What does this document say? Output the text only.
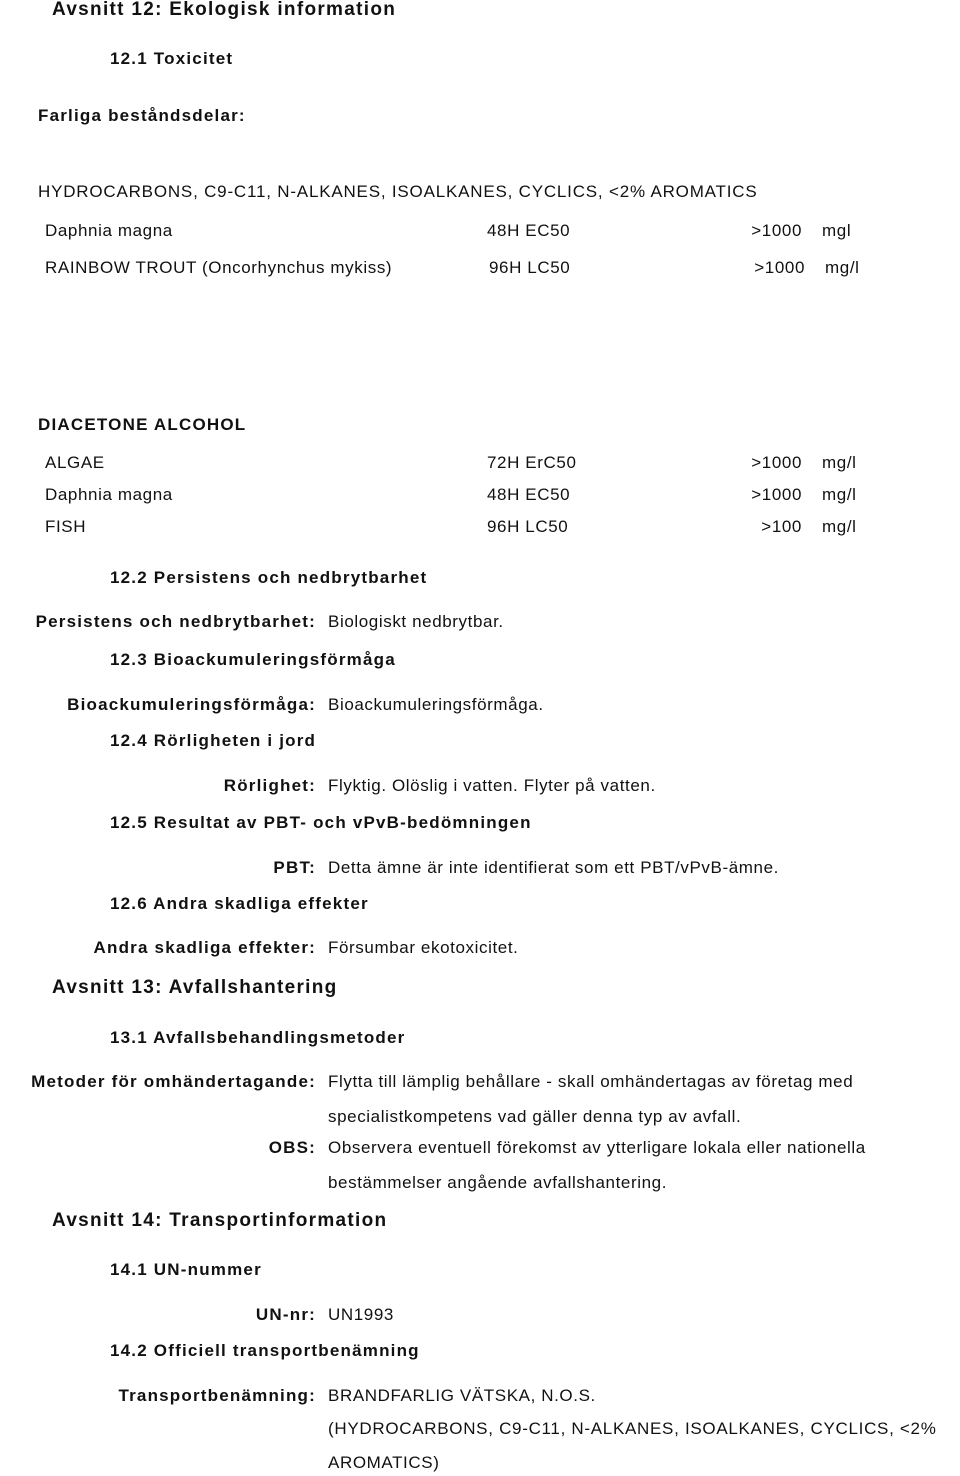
Avsnitt 12: Ekologisk information
12.1 Toxicitet
Farliga beståndsdelar:
HYDROCARBONS, C9-C11, N-ALKANES, ISOALKANES, CYCLICS, <2% AROMATICS
Daphnia magna	48H EC50	>1000 mgl
RAINBOW TROUT (Oncorhynchus mykiss)	96H LC50	>1000 mg/l
DIACETONE ALCOHOL
ALGAE	72H ErC50	>1000 mg/l
Daphnia magna	48H EC50	>1000 mg/l
FISH	96H LC50	>100 mg/l
12.2 Persistens och nedbrytbarhet
Persistens och nedbrytbarhet: Biologiskt nedbrytbar.
12.3 Bioackumuleringsförmåga
Bioackumuleringsförmåga: Bioackumuleringsförmåga.
12.4 Rörligheten i jord
Rörlighet: Flyktig. Olöslig i vatten. Flyter på vatten.
12.5 Resultat av PBT- och vPvB-bedömningen
PBT: Detta ämne är inte identifierat som ett PBT/vPvB-ämne.
12.6 Andra skadliga effekter
Andra skadliga effekter: Försumbar ekotoxicitet.
Avsnitt 13: Avfallshantering
13.1 Avfallsbehandlingsmetoder
Metoder för omhändertagande: Flytta till lämplig behållare - skall omhändertagas av företag med
specialistkompetens vad gäller denna typ av avfall.
OBS: Observera eventuell förekomst av ytterligare lokala eller nationella
bestämmelser angående avfallshantering.
Avsnitt 14: Transportinformation
14.1 UN-nummer
UN-nr: UN1993
14.2 Officiell transportbenämning
Transportbenämning: BRANDFARLIG VÄTSKA, N.O.S.
(HYDROCARBONS, C9-C11, N-ALKANES, ISOALKANES, CYCLICS, <2%
AROMATICS)
